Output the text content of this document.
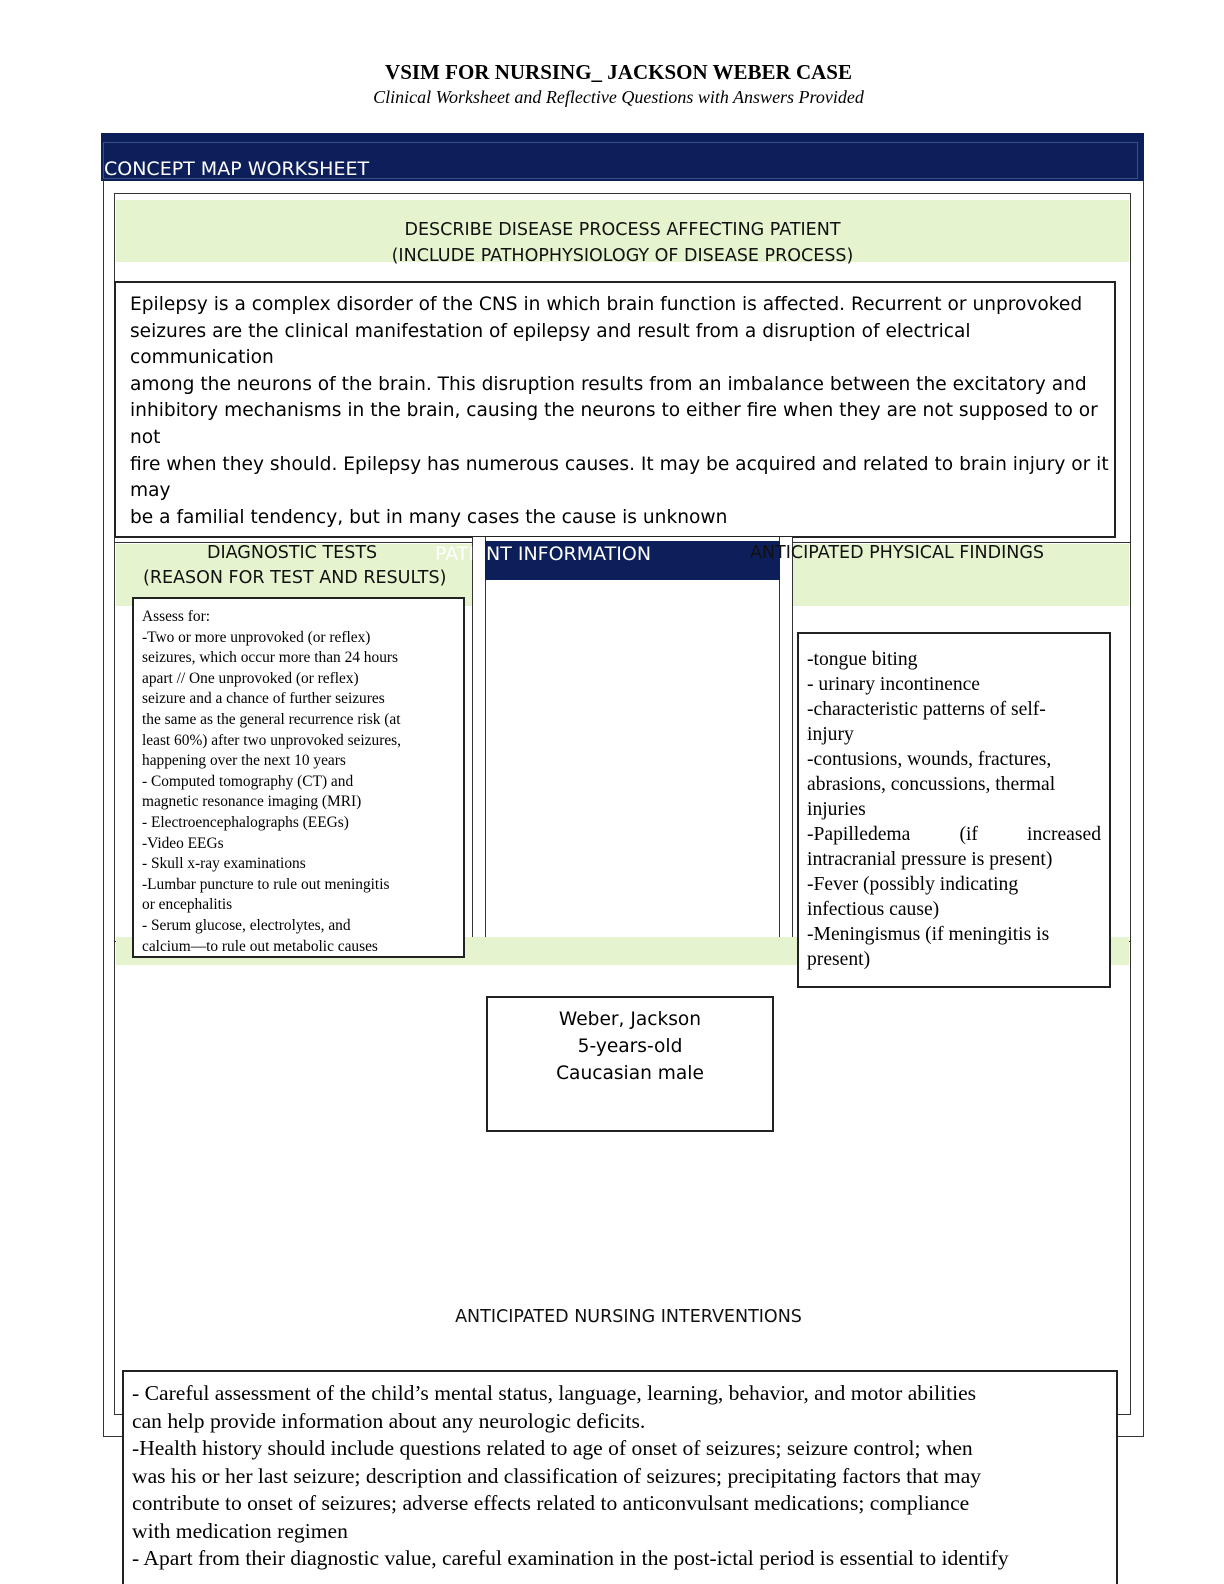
VSIM FOR NURSING_ JACKSON WEBER CASE
Clinical Worksheet and Reflective Questions with Answers Provided
CONCEPT MAP WORKSHEET
DESCRIBE DISEASE PROCESS AFFECTING PATIENT
(INCLUDE PATHOPHYSIOLOGY OF DISEASE PROCESS)
Epilepsy is a complex disorder of the CNS in which brain function is affected. Recurrent or unprovoked
seizures are the clinical manifestation of epilepsy and result from a disruption of electrical communication
among the neurons of the brain. This disruption results from an imbalance between the excitatory and
inhibitory mechanisms in the brain, causing the neurons to either fire when they are not supposed to or not
fire when they should. Epilepsy has numerous causes. It may be acquired and related to brain injury or it may
be a familial tendency, but in many cases the cause is unknown
PATIENT INFORMATION
DIAGNOSTIC TESTS
(REASON FOR TEST AND RESULTS)
Assess for:
-Two or more unprovoked (or reflex)
seizures, which occur more than 24 hours
apart // One unprovoked (or reflex)
seizure and a chance of further seizures
the same as the general recurrence risk (at
least 60%) after two unprovoked seizures,
happening over the next 10 years
- Computed tomography (CT) and
magnetic resonance imaging (MRI)
- Electroencephalographs (EEGs)
-Video EEGs
- Skull x-ray examinations
-Lumbar puncture to rule out meningitis
or encephalitis
- Serum glucose, electrolytes, and
calcium—to rule out metabolic causes
ANTICIPATED PHYSICAL FINDINGS
-tongue biting
- urinary incontinence
-characteristic patterns of self-
injury
-contusions, wounds, fractures,
abrasions, concussions, thermal
injuries
-Papilledema (if increased
intracranial pressure is present)
-Fever (possibly indicating
infectious cause)
-Meningismus (if meningitis is
present)
Weber, Jackson
5-years-old
Caucasian male
ANTICIPATED NURSING INTERVENTIONS
- Careful assessment of the child’s mental status, language, learning, behavior, and motor abilities
can help provide information about any neurologic deficits.
-Health history should include questions related to age of onset of seizures; seizure control; when
was his or her last seizure; description and classification of seizures; precipitating factors that may
contribute to onset of seizures; adverse effects related to anticonvulsant medications; compliance
with medication regimen
- Apart from their diagnostic value, careful examination in the post-ictal period is essential to identify
